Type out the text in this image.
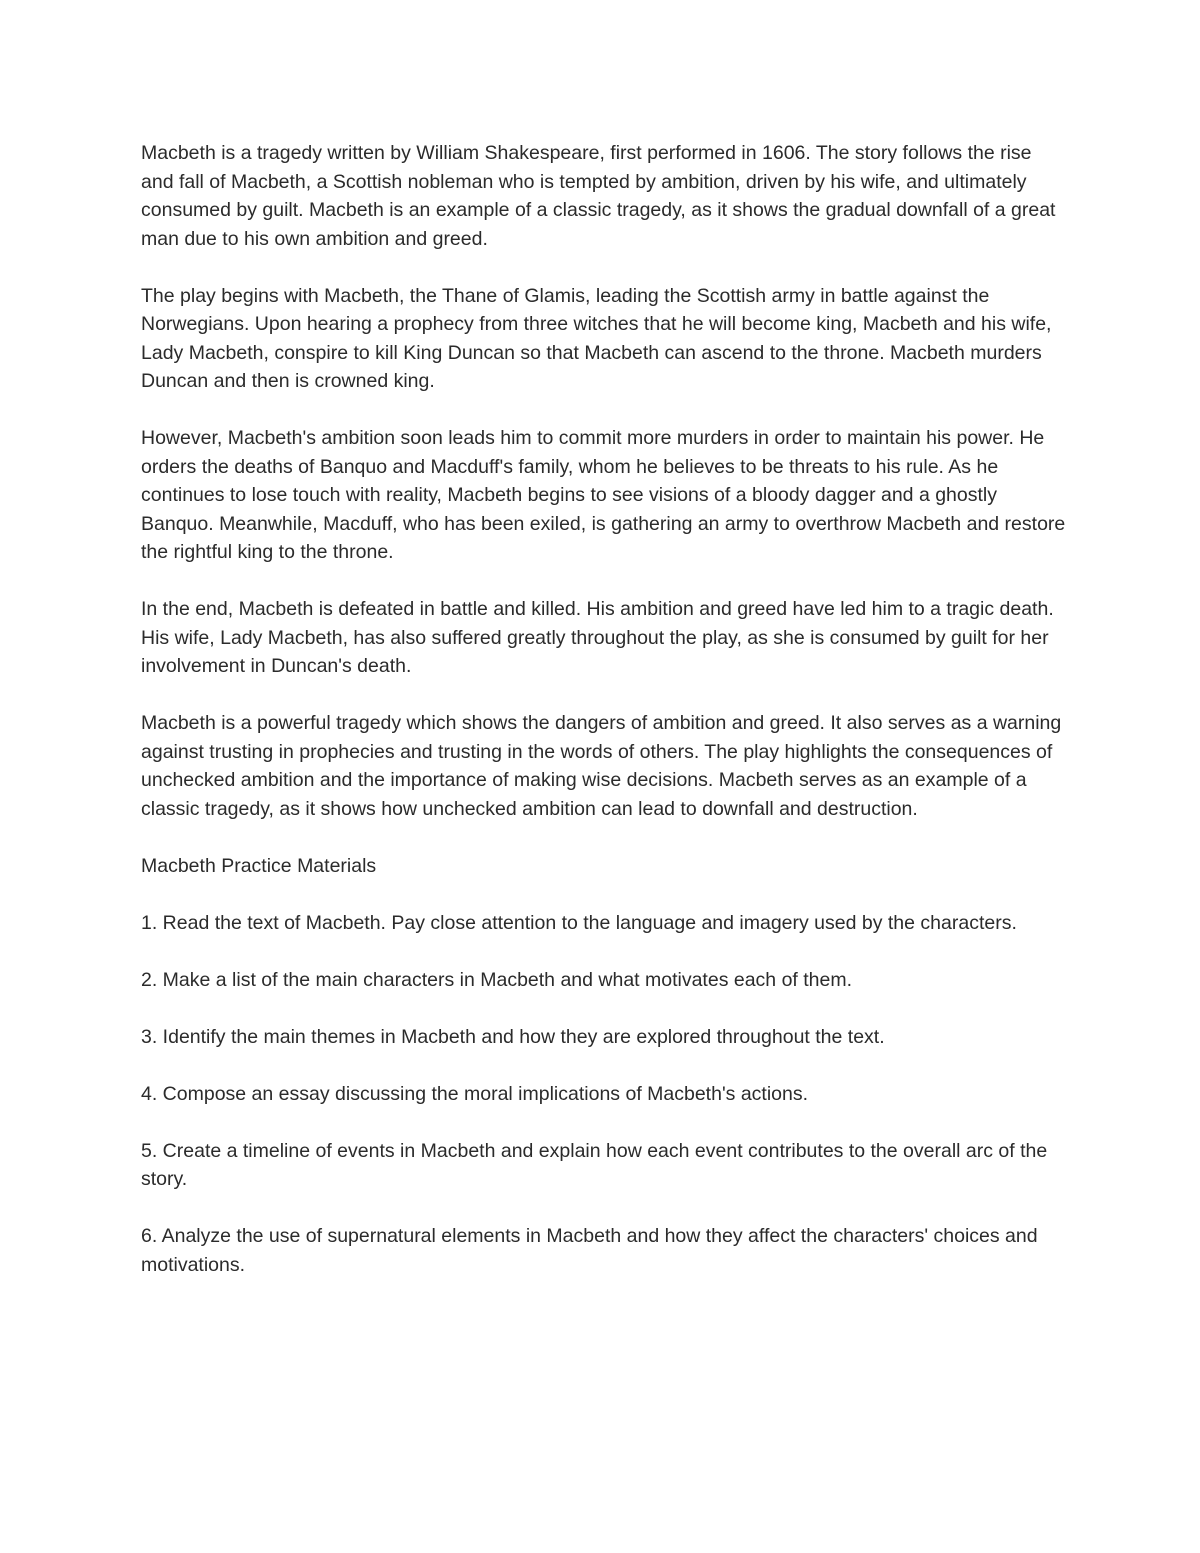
Macbeth is a tragedy written by William Shakespeare, first performed in 1606. The story follows the rise and fall of Macbeth, a Scottish nobleman who is tempted by ambition, driven by his wife, and ultimately consumed by guilt. Macbeth is an example of a classic tragedy, as it shows the gradual downfall of a great man due to his own ambition and greed.

The play begins with Macbeth, the Thane of Glamis, leading the Scottish army in battle against the Norwegians. Upon hearing a prophecy from three witches that he will become king, Macbeth and his wife, Lady Macbeth, conspire to kill King Duncan so that Macbeth can ascend to the throne. Macbeth murders Duncan and then is crowned king.

However, Macbeth's ambition soon leads him to commit more murders in order to maintain his power. He orders the deaths of Banquo and Macduff's family, whom he believes to be threats to his rule. As he continues to lose touch with reality, Macbeth begins to see visions of a bloody dagger and a ghostly Banquo. Meanwhile, Macduff, who has been exiled, is gathering an army to overthrow Macbeth and restore the rightful king to the throne.

In the end, Macbeth is defeated in battle and killed. His ambition and greed have led him to a tragic death. His wife, Lady Macbeth, has also suffered greatly throughout the play, as she is consumed by guilt for her involvement in Duncan's death.

Macbeth is a powerful tragedy which shows the dangers of ambition and greed. It also serves as a warning against trusting in prophecies and trusting in the words of others. The play highlights the consequences of unchecked ambition and the importance of making wise decisions. Macbeth serves as an example of a classic tragedy, as it shows how unchecked ambition can lead to downfall and destruction.

Macbeth Practice Materials

1. Read the text of Macbeth. Pay close attention to the language and imagery used by the characters.

2. Make a list of the main characters in Macbeth and what motivates each of them.

3. Identify the main themes in Macbeth and how they are explored throughout the text.

4. Compose an essay discussing the moral implications of Macbeth's actions.

5. Create a timeline of events in Macbeth and explain how each event contributes to the overall arc of the story.

6. Analyze the use of supernatural elements in Macbeth and how they affect the characters' choices and motivations.
